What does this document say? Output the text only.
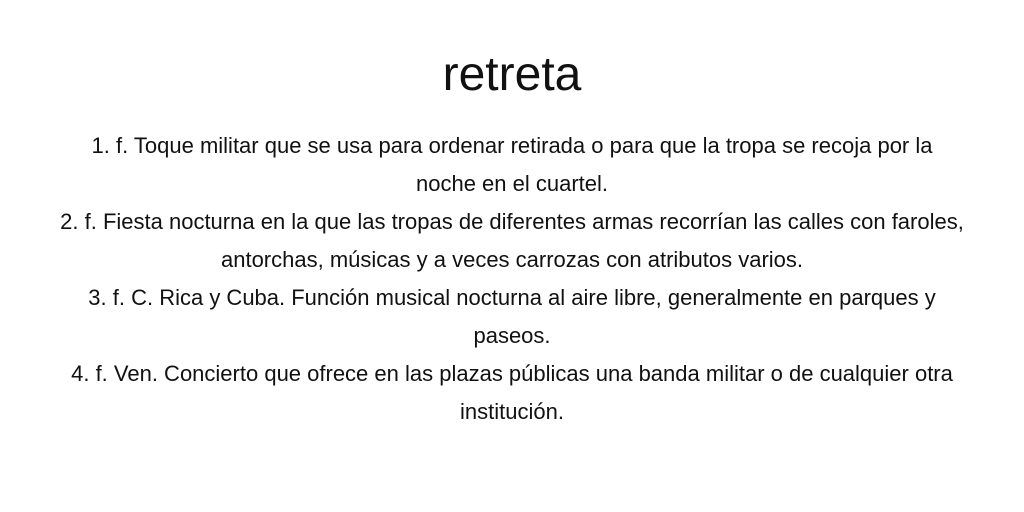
retreta

1. f. Toque militar que se usa para ordenar retirada o para que la tropa se recoja por la noche en el cuartel.

2. f. Fiesta nocturna en la que las tropas de diferentes armas recorrían las calles con faroles, antorchas, músicas y a veces carrozas con atributos varios.

3. f. C. Rica y Cuba. Función musical nocturna al aire libre, generalmente en parques y paseos.

4. f. Ven. Concierto que ofrece en las plazas públicas una banda militar o de cualquier otra institución.
